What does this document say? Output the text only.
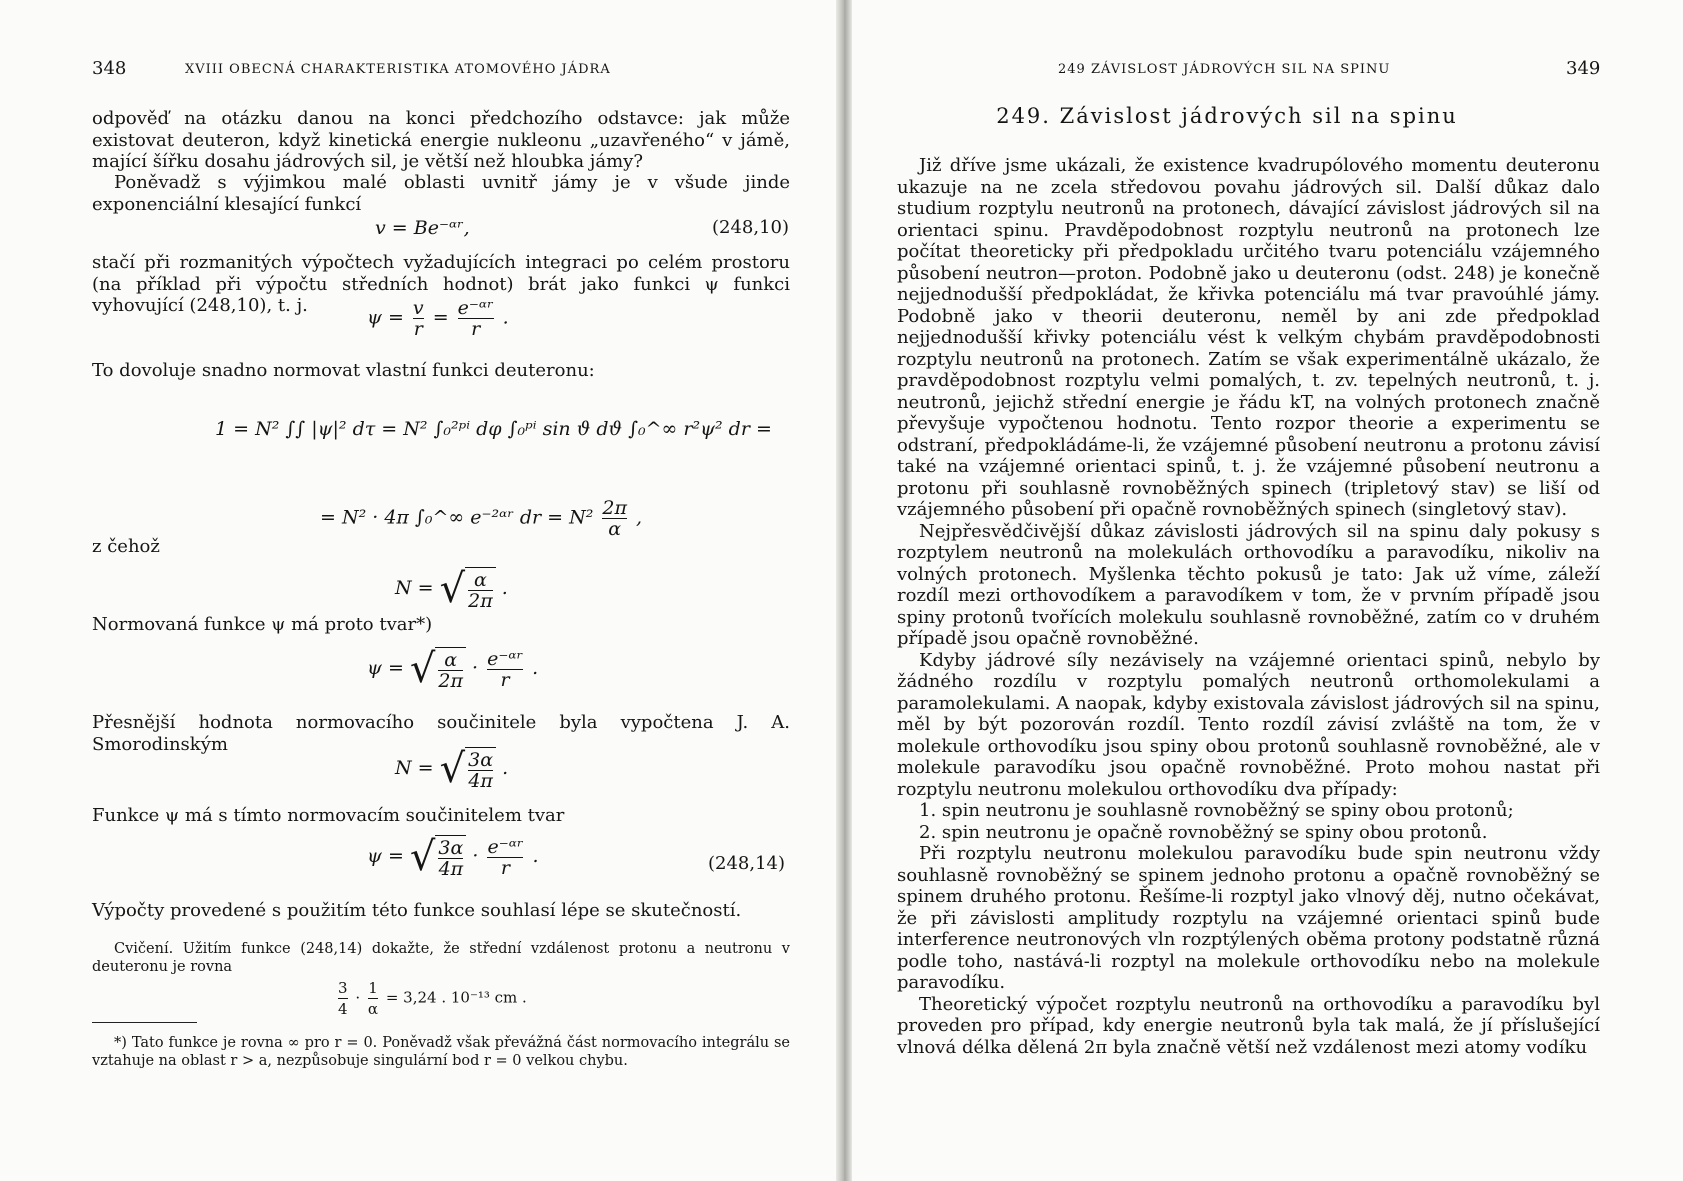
348	XVIII OBECNÁ CHARAKTERISTIKA ATOMOVÉHO JÁDRA

odpověď na otázku danou na konci předchozího odstavce: jak může existovat deuteron, když kinetická energie nukleonu „uzavřeného“ v jámě, mající šířku dosahu jádrových sil, je větší než hloubka jámy?

Poněvadž s výjimkou malé oblasti uvnitř jámy je v všude jinde exponenciální klesající funkcí

v = Be⁻ᵅʳ,	(248,10)

stačí při rozmanitých výpočtech vyžadujících integraci po celém prostoru (na příklad při výpočtu středních hodnot) brát jako funkci ψ funkci vyhovující (248,10), t. j.

$\psi = \frac{v}{r} = \frac{\text{e⁻ᵅʳ}}{r}$ .

To dovoluje snadno normovat vlastní funkci deuteronu:

1 = N² ∫∫ |ψ|² dτ = N² ∫₀²ᵖⁱ dφ ∫₀ᵖⁱ sin ϑ dϑ ∫₀^∞ r²ψ² dr =
= N² · 4π ∫₀^∞ e⁻²ᵅʳ dr = $N^2 \frac{2\pi}{\alpha}$ ,
z čehož
N = √ $\frac{\alpha}{2\pi}$ .

Normovaná funkce ψ má proto tvar*)

ψ = √ $\frac{\alpha}{2\pi} \cdot \frac{\text{e⁻ᵅʳ}}{r}$ .

Přesnější hodnota normovacího součinitele byla vypočtena J. A. Smorodinským

N = √ $\frac{3\alpha}{4\pi}$ .

Funkce ψ má s tímto normovacím součinitelem tvar

ψ = √ $\frac{3\alpha}{4\pi} \cdot \frac{\text{e⁻ᵅʳ}}{r}$ .	(248,14)

Výpočty provedené s použitím této funkce souhlasí lépe se skutečností.

Cvičení. Užitím funkce (248,14) dokažte, že střední vzdálenost protonu a neutronu v deuteronu je rovna

$\frac{3}{4} \cdot \frac{1}{\alpha} = 3,24$ . 10⁻¹³ cm .

*) Tato funkce je rovna ∞ pro r = 0. Poněvadž však převážná část normovacího integrálu se vztahuje na oblast r > a, nezpůsobuje singulární bod r = 0 velkou chybu.

249 ZÁVISLOST JÁDROVÝCH SIL NA SPINU	349
249. Závislost jádrových sil na spinu

Již dříve jsme ukázali, že existence kvadrupólového momentu deuteronu ukazuje na ne zcela středovou povahu jádrových sil. Další důkaz dalo studium rozptylu neutronů na protonech, dávající závislost jádrových sil na orientaci spinu. Pravděpodobnost rozptylu neutronů na protonech lze počítat theoreticky při předpokladu určitého tvaru potenciálu vzájemného působení neutron—proton. Podobně jako u deuteronu (odst. 248) je konečně nejjednodušší předpokládat, že křivka potenciálu má tvar pravoúhlé jámy. Podobně jako v theorii deuteronu, neměl by ani zde předpoklad nejjednodušší křivky potenciálu vést k velkým chybám pravděpodobnosti rozptylu neutronů na protonech. Zatím se však experimentálně ukázalo, že pravděpodobnost rozptylu velmi pomalých, t. zv. tepelných neutronů, t. j. neutronů, jejichž střední energie je řádu kT, na volných protonech značně převyšuje vypočtenou hodnotu. Tento rozpor theorie a experimentu se odstraní, předpokládáme-li, že vzájemné působení neutronu a protonu závisí také na vzájemné orientaci spinů, t. j. že vzájemné působení neutronu a protonu při souhlasně rovnoběžných spinech (tripletový stav) se liší od vzájemného působení při opačně rovnoběžných spinech (singletový stav).

Nejpřesvědčivější důkaz závislosti jádrových sil na spinu daly pokusy s rozptylem neutronů na molekulách orthovodíku a paravodíku, nikoliv na volných protonech. Myšlenka těchto pokusů je tato: Jak už víme, záleží rozdíl mezi orthovodíkem a paravodíkem v tom, že v prvním případě jsou spiny protonů tvořících molekulu souhlasně rovnoběžné, zatím co v druhém případě jsou opačně rovnoběžné.

Kdyby jádrové síly nezávisely na vzájemné orientaci spinů, nebylo by žádného rozdílu v rozptylu pomalých neutronů orthomolekulami a paramolekulami. A naopak, kdyby existovala závislost jádrových sil na spinu, měl by být pozorován rozdíl. Tento rozdíl závisí zvláště na tom, že v molekule orthovodíku jsou spiny obou protonů souhlasně rovnoběžné, ale v molekule paravodíku jsou opačně rovnoběžné. Proto mohou nastat při rozptylu neutronu molekulou orthovodíku dva případy:

1. spin neutronu je souhlasně rovnoběžný se spiny obou protonů;

2. spin neutronu je opačně rovnoběžný se spiny obou protonů.

Při rozptylu neutronu molekulou paravodíku bude spin neutronu vždy souhlasně rovnoběžný se spinem jednoho protonu a opačně rovnoběžný se spinem druhého protonu. Řešíme-li rozptyl jako vlnový děj, nutno očekávat, že při závislosti amplitudy rozptylu na vzájemné orientaci spinů bude interference neutronových vln rozptýlených oběma protony podstatně různá podle toho, nastává-li rozptyl na molekule orthovodíku nebo na molekule paravodíku.

Theoretický výpočet rozptylu neutronů na orthovodíku a paravodíku byl proveden pro případ, kdy energie neutronů byla tak malá, že jí příslušející vlnová délka dělená 2π byla značně větší než vzdálenost mezi atomy vodíku
